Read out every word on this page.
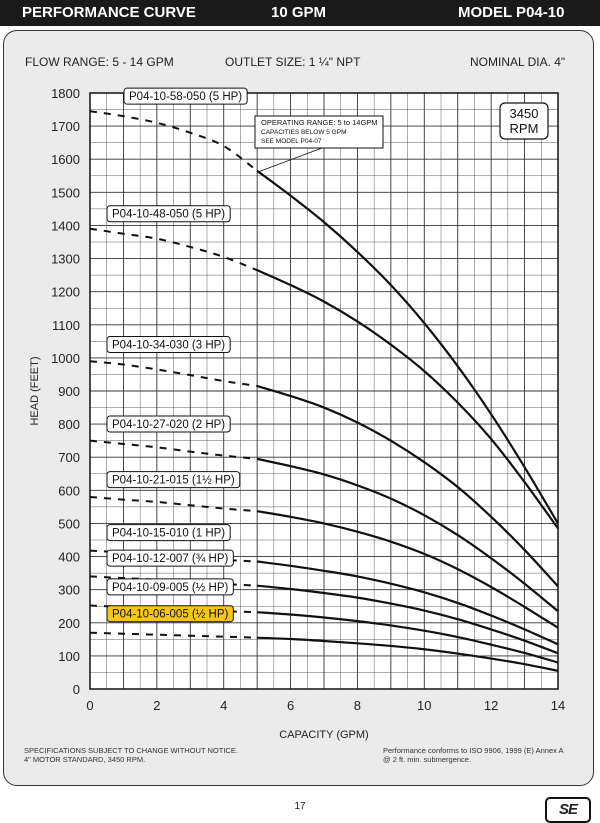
PERFORMANCE CURVE	10 GPM	MODEL P04-10
FLOW RANGE: 5 - 14 GPM	OUTLET SIZE: 1 ¼" NPT	NOMINAL DIA. 4"
0
100
200
300
400
500
600
700
800
900
1000
1100
1200
1300
1400
1500
1600
1700
1800
0	2	4	6	8	10	12	14
CAPACITY (GPM)
HEAD (FEET)
P04-10-58-050 (5 HP)
P04-10-48-050 (5 HP)
P04-10-34-030 (3 HP)
P04-10-27-020 (2 HP)
P04-10-21-015 (1½ HP)
P04-10-15-010 (1 HP)
P04-10-12-007 (¾ HP)
P04-10-09-005 (½ HP)
P04-10-06-005 (½ HP)
3450
RPM
OPERATING RANGE: 5 to 14GPM
CAPACITIES BELOW 5 GPM
SEE MODEL P04-07
SPECIFICATIONS SUBJECT TO CHANGE WITHOUT NOTICE.
4" MOTOR STANDARD, 3450 RPM.
Performance conforms to ISO 9906, 1999 (E) Annex A
@ 2 ft. min. submergence.
17	SE
